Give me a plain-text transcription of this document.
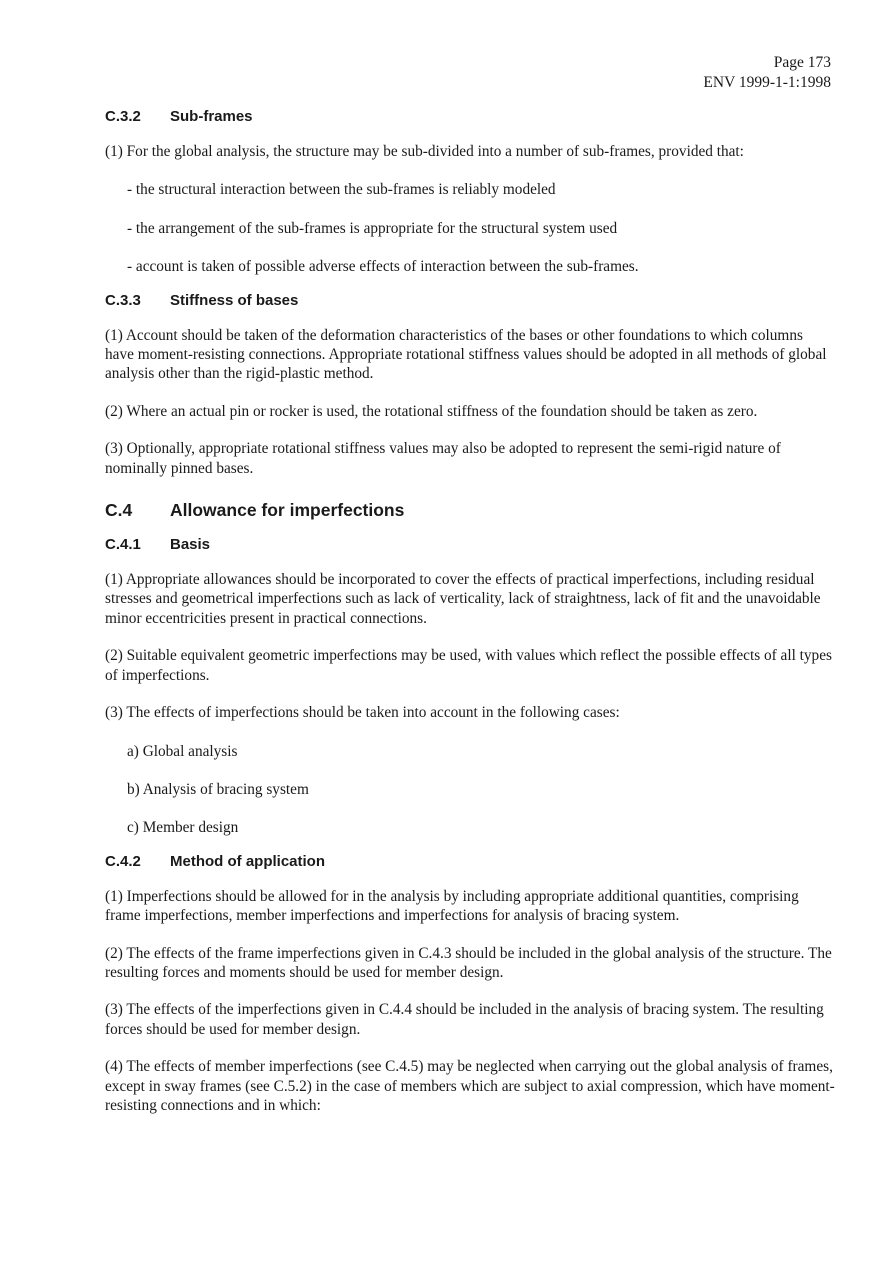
Page 173
ENV 1999-1-1:1998
C.3.2 Sub-frames

(1) For the global analysis, the structure may be sub-divided into a number of sub-frames, provided that:

- the structural interaction between the sub-frames is reliably modeled

- the arrangement of the sub-frames is appropriate for the structural system used

- account is taken of possible adverse effects of interaction between the sub-frames.

C.3.3 Stiffness of bases

(1) Account should be taken of the deformation characteristics of the bases or other foundations to which columns have moment-resisting connections. Appropriate rotational stiffness values should be adopted in all methods of global analysis other than the rigid-plastic method.

(2) Where an actual pin or rocker is used, the rotational stiffness of the foundation should be taken as zero.

(3) Optionally, appropriate rotational stiffness values may also be adopted to represent the semi-rigid nature of nominally pinned bases.

C.4 Allowance for imperfections
C.4.1 Basis

(1) Appropriate allowances should be incorporated to cover the effects of practical imperfections, including residual stresses and geometrical imperfections such as lack of verticality, lack of straightness, lack of fit and the unavoidable minor eccentricities present in practical connections.

(2) Suitable equivalent geometric imperfections may be used, with values which reflect the possible effects of all types of imperfections.

(3) The effects of imperfections should be taken into account in the following cases:

a) Global analysis

b) Analysis of bracing system

c) Member design

C.4.2 Method of application

(1) Imperfections should be allowed for in the analysis by including appropriate additional quantities, comprising frame imperfections, member imperfections and imperfections for analysis of bracing system.

(2) The effects of the frame imperfections given in C.4.3 should be included in the global analysis of the structure. The resulting forces and moments should be used for member design.

(3) The effects of the imperfections given in C.4.4 should be included in the analysis of bracing system. The resulting forces should be used for member design.

(4) The effects of member imperfections (see C.4.5) may be neglected when carrying out the global analysis of frames, except in sway frames (see C.5.2) in the case of members which are subject to axial compression, which have moment-resisting connections and in which:
